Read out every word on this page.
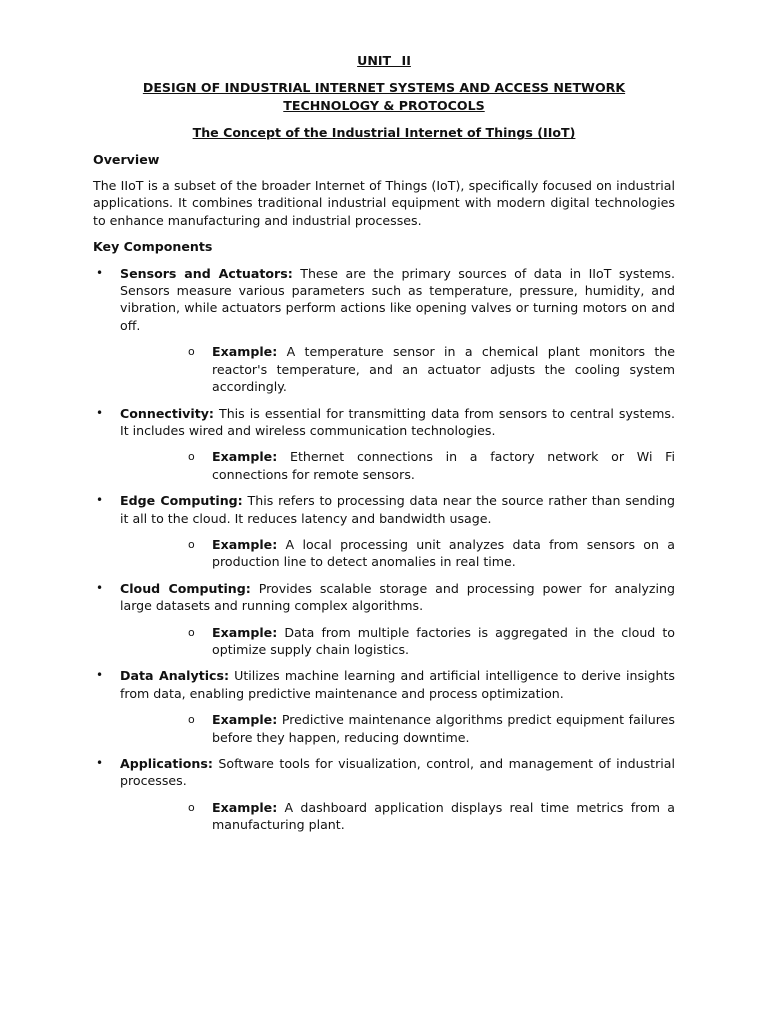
UNIT II
DESIGN OF INDUSTRIAL INTERNET SYSTEMS AND ACCESS NETWORK
TECHNOLOGY & PROTOCOLS
The Concept of the Industrial Internet of Things (IIoT)
Overview
The IIoT is a subset of the broader Internet of Things (IoT), specifically focused on industrial applications. It combines traditional industrial equipment with modern digital technologies to enhance manufacturing and industrial processes.
Key Components
• Sensors and Actuators: These are the primary sources of data in IIoT systems. Sensors measure various parameters such as temperature, pressure, humidity, and vibration, while actuators perform actions like opening valves or turning motors on and off.
o Example: A temperature sensor in a chemical plant monitors the reactor's temperature, and an actuator adjusts the cooling system accordingly.
• Connectivity: This is essential for transmitting data from sensors to central systems. It includes wired and wireless communication technologies.
o Example: Ethernet connections in a factory network or Wi Fi connections for remote sensors.
• Edge Computing: This refers to processing data near the source rather than sending it all to the cloud. It reduces latency and bandwidth usage.
o Example: A local processing unit analyzes data from sensors on a production line to detect anomalies in real time.
• Cloud Computing: Provides scalable storage and processing power for analyzing large datasets and running complex algorithms.
o Example: Data from multiple factories is aggregated in the cloud to optimize supply chain logistics.
• Data Analytics: Utilizes machine learning and artificial intelligence to derive insights from data, enabling predictive maintenance and process optimization.
o Example: Predictive maintenance algorithms predict equipment failures before they happen, reducing downtime.
• Applications: Software tools for visualization, control, and management of industrial processes.
o Example: A dashboard application displays real time metrics from a manufacturing plant.
